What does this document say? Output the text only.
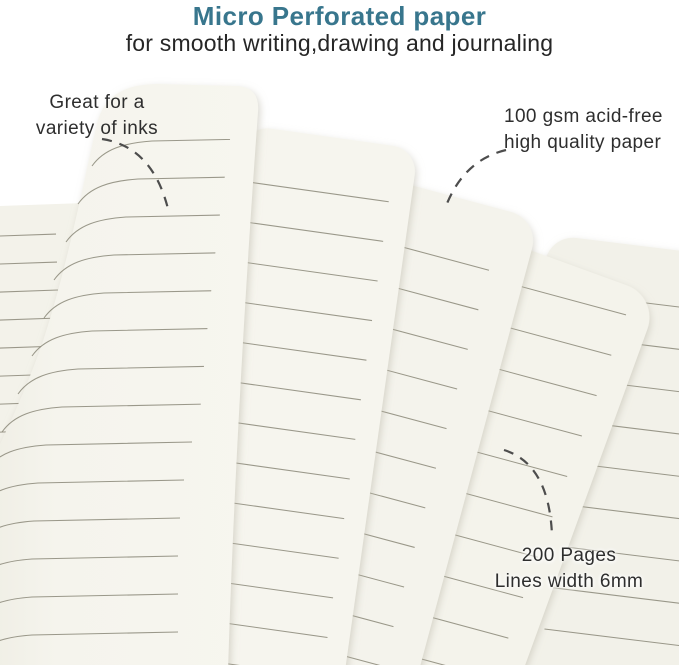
Micro Perforated paper
for smooth writing,drawing and journaling
Great for a
variety of inks
100 gsm acid-free
high quality paper
200 Pages
Lines width 6mm
